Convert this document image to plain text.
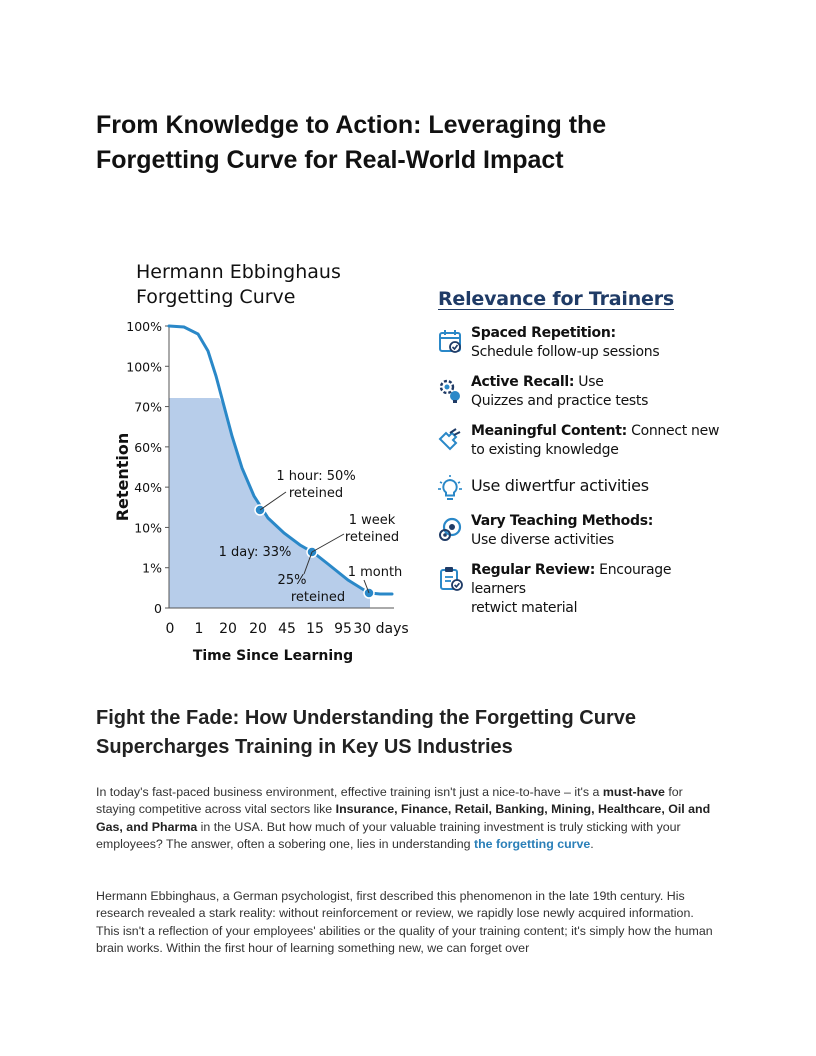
From Knowledge to Action: Leveraging the Forgetting Curve for Real-World Impact
Hermann Ebbinghaus
Forgetting Curve
0
1%
10%
40%
60%
70%
100%
100%
0 1 20 20 45 15 95 30 days
1 hour: 50%
reteined
1 week
reteined
1 day: 33%
25%
reteined
1 month
Retention
Time Since Learning
Relevance for Trainers
Spaced Repetition:
Schedule follow-up sessions
Active Recall: Use
Quizzes and practice tests
Meaningful Content: Connect new
to existing knowledge
Use diwertfur activities
Vary Teaching Methods:
Use diverse activities
Regular Review: Encourage learners
retwict material
Fight the Fade: How Understanding the Forgetting Curve Supercharges Training in Key US Industries

In today's fast-paced business environment, effective training isn't just a nice-to-have – it's a must-have for staying competitive across vital sectors like Insurance, Finance, Retail, Banking, Mining, Healthcare, Oil and Gas, and Pharma in the USA. But how much of your valuable training investment is truly sticking with your employees? The answer, often a sobering one, lies in understanding the forgetting curve.

Hermann Ebbinghaus, a German psychologist, first described this phenomenon in the late 19th century. His research revealed a stark reality: without reinforcement or review, we rapidly lose newly acquired information. This isn't a reflection of your employees' abilities or the quality of your training content; it's simply how the human brain works. Within the first hour of learning something new, we can forget over
